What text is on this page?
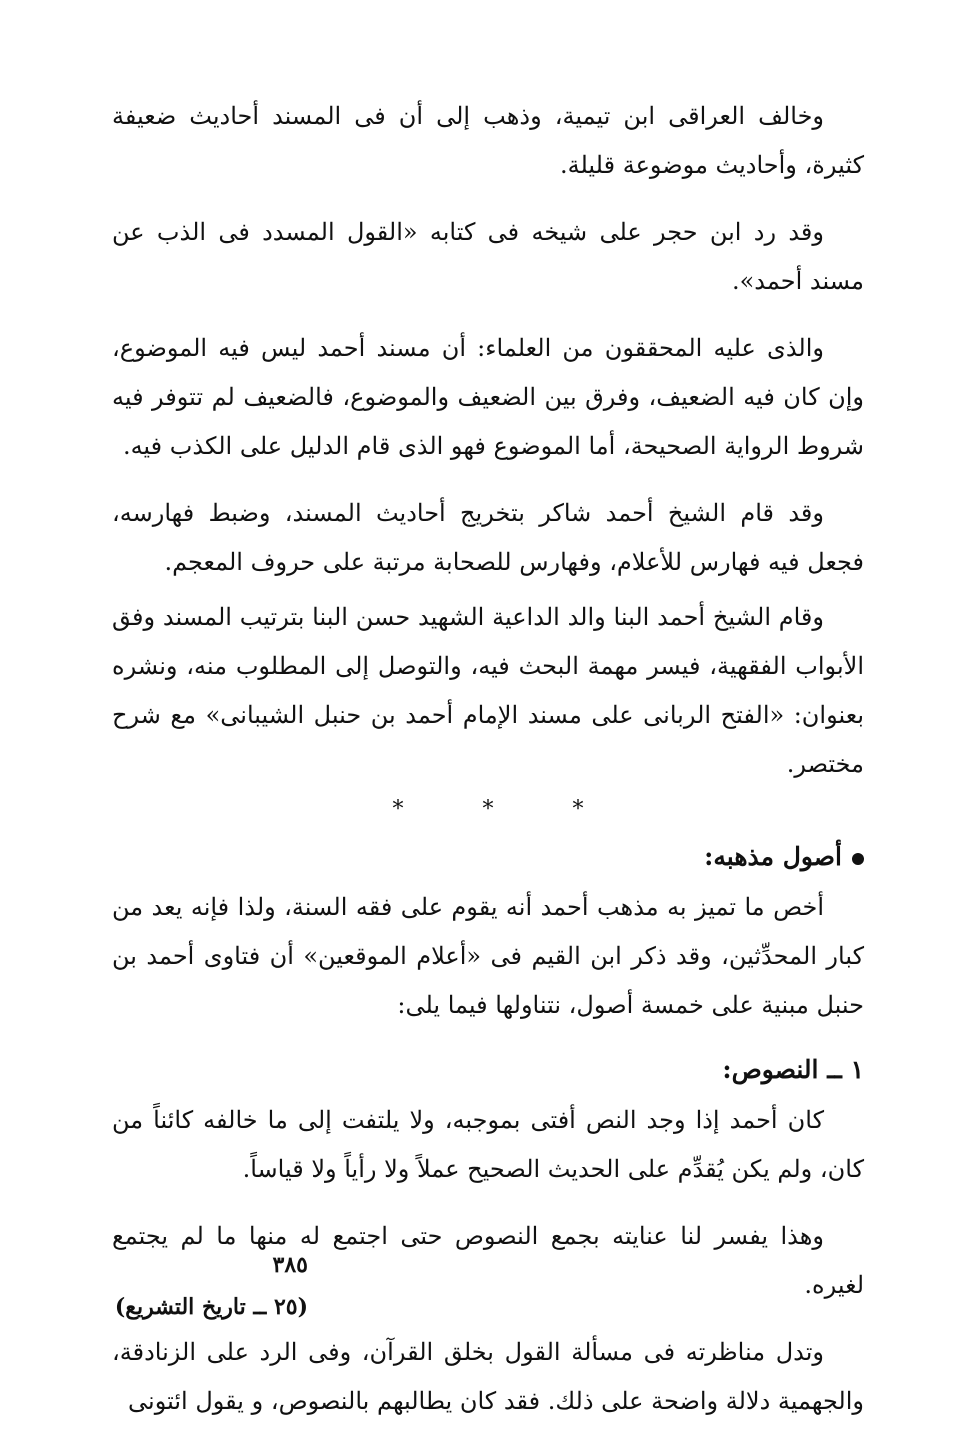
وخالف العراقى ابن تيمية، وذهب إلى أن فى المسند أحاديث ضعيفة كثيرة، وأحاديث موضوعة قليلة.

وقد رد ابن حجر على شيخه فى كتابه «القول المسدد فى الذب عن مسند أحمد».

والذى عليه المحققون من العلماء: أن مسند أحمد ليس فيه الموضوع، وإن كان فيه الضعيف، وفرق بين الضعيف والموضوع، فالضعيف لم تتوفر فيه شروط الرواية الصحيحة، أما الموضوع فهو الذى قام الدليل على الكذب فيه.

وقد قام الشيخ أحمد شاكر بتخريج أحاديث المسند، وضبط فهارسه، فجعل فيه فهارس للأعلام، وفهارس للصحابة مرتبة على حروف المعجم.

وقام الشيخ أحمد البنا والد الداعية الشهيد حسن البنا بترتيب المسند وفق الأبواب الفقهية، فيسر مهمة البحث فيه، والتوصل إلى المطلوب منه، ونشره بعنوان: «الفتح الربانى على مسند الإمام أحمد بن حنبل الشيبانى» مع شرح مختصر.

* * *
أصول مذهبه:

أخص ما تميز به مذهب أحمد أنه يقوم على فقه السنة، ولذا فإنه يعد من كبار المحدِّثين، وقد ذكر ابن القيم فى «أعلام الموقعين» أن فتاوى أحمد بن حنبل مبنية على خمسة أصول، نتناولها فيما يلى:

١ ــ النصوص:

كان أحمد إذا وجد النص أفتى بموجبه، ولا يلتفت إلى ما خالفه كائناً من كان، ولم يكن يُقدِّم على الحديث الصحيح عملاً ولا رأياً ولا قياساً.

وهذا يفسر لنا عنايته بجمع النصوص حتى اجتمع له منها ما لم يجتمع لغيره.

وتدل مناظرته فى مسألة القول بخلق القرآن، وفى الرد على الزنادقة، والجهمية دلالة واضحة على ذلك. فقد كان يطالبهم بالنصوص، و يقول ائتونى

٣٨٥
(٢٥ ــ تاريخ التشريع)
